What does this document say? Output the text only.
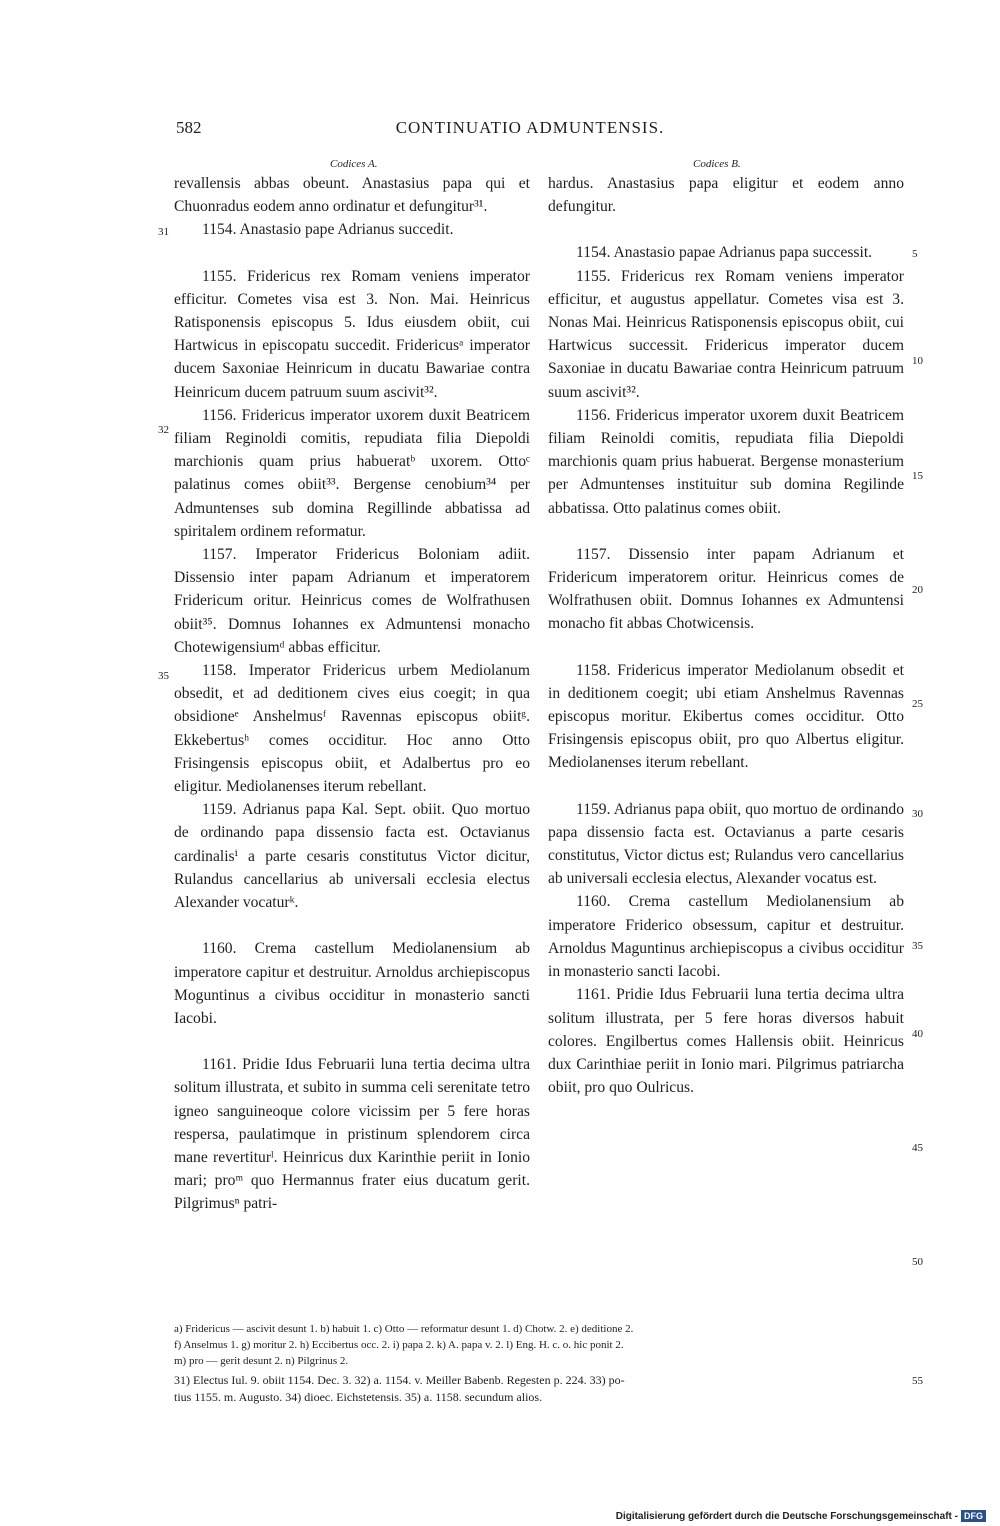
582	CONTINUATIO ADMUNTENSIS.
Codices A.	Codices B.

revallensis abbas obeunt. Anastasius papa qui et Chuonradus eodem anno ordinatur et defungitur³¹.

1154. Anastasio pape Adrianus succedit.

1155. Fridericus rex Romam veniens imperator efficitur. Cometes visa est 3. Non. Mai. Heinricus Ratisponensis episcopus 5. Idus eiusdem obiit, cui Hartwicus in episcopatu succedit. Fridericusᵃ imperator ducem Saxoniae Heinricum in ducatu Bawariae contra Heinricum ducem patruum suum ascivit³².

1156. Fridericus imperator uxorem duxit Beatricem filiam Reginoldi comitis, repudiata filia Diepoldi marchionis quam prius habueratᵇ uxorem. Ottoᶜ palatinus comes obiit³³. Bergense cenobium³⁴ per Admuntenses sub domina Regillinde abbatissa ad spiritalem ordinem reformatur.

1157. Imperator Fridericus Boloniam adiit. Dissensio inter papam Adrianum et imperatorem Fridericum oritur. Heinricus comes de Wolfrathusen obiit³⁵. Domnus Iohannes ex Admuntensi monacho Chotewigensiumᵈ abbas efficitur.

1158. Imperator Fridericus urbem Mediolanum obsedit, et ad deditionem cives eius coegit; in qua obsidioneᵉ Anshelmusᶠ Ravennas episcopus obiitᵍ. Ekkebertusʰ comes occiditur. Hoc anno Otto Frisingensis episcopus obiit, et Adalbertus pro eo eligitur. Mediolanenses iterum rebellant.

1159. Adrianus papa Kal. Sept. obiit. Quo mortuo de ordinando papa dissensio facta est. Octavianus cardinalisⁱ a parte cesaris constitutus Victor dicitur, Rulandus cancellarius ab universali ecclesia electus Alexander vocaturᵏ.

1160. Crema castellum Mediolanensium ab imperatore capitur et destruitur. Arnoldus archiepiscopus Moguntinus a civibus occiditur in monasterio sancti Iacobi.

1161. Pridie Idus Februarii luna tertia decima ultra solitum illustrata, et subito in summa celi serenitate tetro igneo sanguineoque colore vicissim per 5 fere horas respersa, paulatimque in pristinum splendorem circa mane revertiturˡ. Heinricus dux Karinthie periit in Ionio mari; proᵐ quo Hermannus frater eius ducatum gerit. Pilgrimusⁿ patri-

hardus. Anastasius papa eligitur et eodem anno defungitur.

1154. Anastasio papae Adrianus papa successit.

1155. Fridericus rex Romam veniens imperator efficitur, et augustus appellatur. Cometes visa est 3. Nonas Mai. Heinricus Ratisponensis episcopus obiit, cui Hartwicus successit. Fridericus imperator ducem Saxoniae in ducatu Bawariae contra Heinricum patruum suum ascivit³².

1156. Fridericus imperator uxorem duxit Beatricem filiam Reinoldi comitis, repudiata filia Diepoldi marchionis quam prius habuerat. Bergense monasterium per Admuntenses instituitur sub domina Regilinde abbatissa. Otto palatinus comes obiit.

1157. Dissensio inter papam Adrianum et Fridericum imperatorem oritur. Heinricus comes de Wolfrathusen obiit. Domnus Iohannes ex Admuntensi monacho fit abbas Chotwicensis.

1158. Fridericus imperator Mediolanum obsedit et in deditionem coegit; ubi etiam Anshelmus Ravennas episcopus moritur. Ekibertus comes occiditur. Otto Frisingensis episcopus obiit, pro quo Albertus eligitur. Mediolanenses iterum rebellant.

1159. Adrianus papa obiit, quo mortuo de ordinando papa dissensio facta est. Octavianus a parte cesaris constitutus, Victor dictus est; Rulandus vero cancellarius ab universali ecclesia electus, Alexander vocatus est.

1160. Crema castellum Mediolanensium ab imperatore Friderico obsessum, capitur et destruitur. Arnoldus Maguntinus archiepiscopus a civibus occiditur in monasterio sancti Iacobi.

1161. Pridie Idus Februarii luna tertia decima ultra solitum illustrata, per 5 fere horas diversos habuit colores. Engilbertus comes Hallensis obiit. Heinricus dux Carinthiae periit in Ionio mari. Pilgrimus patriarcha obiit, pro quo Oulricus.

31
32
35
5
10
15
20
25
30
35
40
45
50
55

a) Fridericus — ascivit desunt 1. b) habuit 1. c) Otto — reformatur desunt 1. d) Chotw. 2. e) deditione 2.

f) Anselmus 1. g) moritur 2. h) Eccibertus occ. 2. i) papa 2. k) A. papa v. 2. l) Eng. H. c. o. hic ponit 2.

m) pro — gerit desunt 2. n) Pilgrinus 2.

31) Electus Iul. 9. obiit 1154. Dec. 3. 32) a. 1154. v. Meiller Babenb. Regesten p. 224. 33) po-

tius 1155. m. Augusto. 34) dioec. Eichstetensis. 35) a. 1158. secundum alios.

Digitalisierung gefördert durch die Deutsche Forschungsgemeinschaft - DFG
